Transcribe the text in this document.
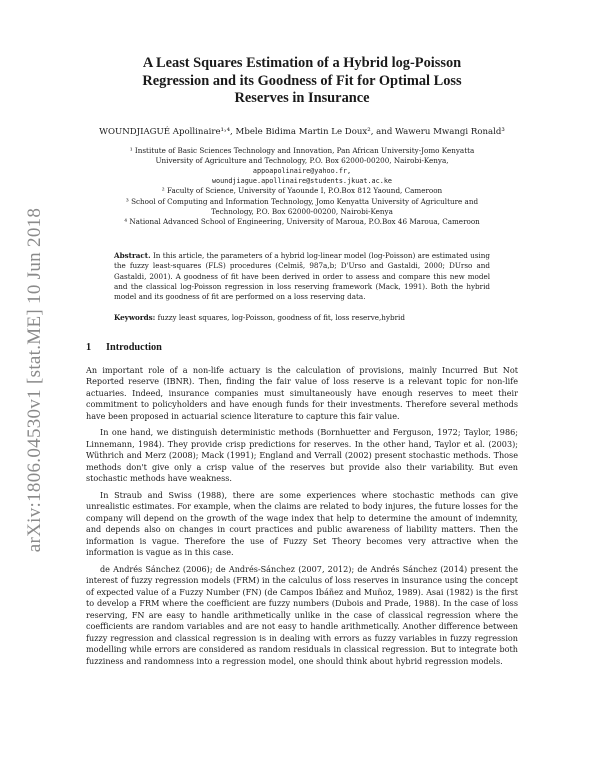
arXiv:1806.04530v1 [stat.ME] 10 Jun 2018
A Least Squares Estimation of a Hybrid log-Poisson
Regression and its Goodness of Fit for Optimal Loss
Reserves in Insurance
WOUNDJIAGUÉ Apollinaire¹˒⁴, Mbele Bidima Martin Le Doux², and Waweru Mwangi Ronald³
¹ Institute of Basic Sciences Technology and Innovation, Pan African University-Jomo Kenyatta
University of Agriculture and Technology, P.O. Box 62000-00200, Nairobi-Kenya,
appoapolinaire@yahoo.fr,
woundjiague.apollinaire@students.jkuat.ac.ke
² Faculty of Science, University of Yaounde I, P.O.Box 812 Yaound, Cameroon
³ School of Computing and Information Technology, Jomo Kenyatta University of Agriculture and
Technology, P.O. Box 62000-00200, Nairobi-Kenya
⁴ National Advanced School of Engineering, University of Maroua, P.O.Box 46 Maroua, Cameroon
Abstract. In this article, the parameters of a hybrid log-linear model (log-Poisson) are estimated using the fuzzy least-squares (FLS) procedures (Celmiš, 987a,b; D'Urso and Gastaldi, 2000; DUrso and Gastaldi, 2001). A goodness of fit have been derived in order to assess and compare this new model and the classical log-Poisson regression in loss reserving framework (Mack, 1991). Both the hybrid model and its goodness of fit are performed on a loss reserving data.
Keywords: fuzzy least squares, log-Poisson, goodness of fit, loss reserve,hybrid
1 Introduction

An important role of a non-life actuary is the calculation of provisions, mainly Incurred But Not Reported reserve (IBNR). Then, finding the fair value of loss reserve is a relevant topic for non-life actuaries. Indeed, insurance companies must simultaneously have enough reserves to meet their commitment to policyholders and have enough funds for their investments. Therefore several methods have been proposed in actuarial science literature to capture this fair value.

In one hand, we distinguish deterministic methods (Bornhuetter and Ferguson, 1972; Taylor, 1986; Linnemann, 1984). They provide crisp predictions for reserves. In the other hand, Taylor et al. (2003); Wüthrich and Merz (2008); Mack (1991); England and Verrall (2002) present stochastic methods. Those methods don't give only a crisp value of the reserves but provide also their variability. But even stochastic methods have weakness.

In Straub and Swiss (1988), there are some experiences where stochastic methods can give unrealistic estimates. For example, when the claims are related to body injures, the future losses for the company will depend on the growth of the wage index that help to determine the amount of indemnity, and depends also on changes in court practices and public awareness of liability matters. Then the information is vague. Therefore the use of Fuzzy Set Theory becomes very attractive when the information is vague as in this case.

de Andrés Sánchez (2006); de Andrés-Sánchez (2007, 2012); de Andrés Sánchez (2014) present the interest of fuzzy regression models (FRM) in the calculus of loss reserves in insurance using the concept of expected value of a Fuzzy Number (FN) (de Campos Ibáñez and Muñoz, 1989). Asai (1982) is the first to develop a FRM where the coefficient are fuzzy numbers (Dubois and Prade, 1988). In the case of loss reserving, FN are easy to handle arithmetically unlike in the case of classical regression where the coefficients are random variables and are not easy to handle arithmetically. Another difference between fuzzy regression and classical regression is in dealing with errors as fuzzy variables in fuzzy regression modelling while errors are considered as random residuals in classical regression. But to integrate both fuzziness and randomness into a regression model, one should think about hybrid regression models.
